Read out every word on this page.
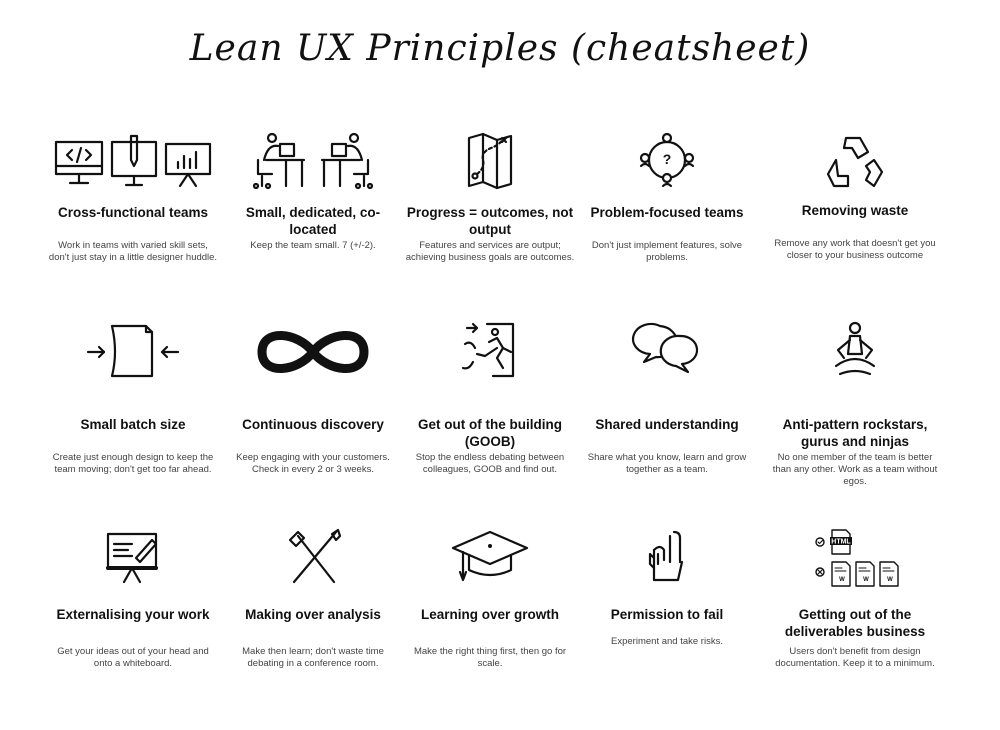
Lean UX Principles (cheatsheet)
Cross-functional teams
Work in teams with varied skill sets, don't just stay in a little designer huddle.
Small, dedicated, co-located
Keep the team small. 7 (+/-2).
Progress = outcomes, not output
Features and services are output; achieving business goals are outcomes.
?
Problem-focused teams
Don't just implement features, solve problems.
Removing waste
Remove any work that doesn't get you closer to your business outcome
Small batch size
Create just enough design to keep the team moving; don't get too far ahead.
Continuous discovery
Keep engaging with your customers. Check in every 2 or 3 weeks.
Get out of the building (GOOB)
Stop the endless debating between colleagues, GOOB and find out.
Shared understanding
Share what you know, learn and grow together as a team.
Anti-pattern rockstars, gurus and ninjas
No one member of the team is better than any other. Work as a team without egos.
Externalising your work
Get your ideas out of your head and onto a whiteboard.
Making over analysis
Make then learn; don't waste time debating in a conference room.
Learning over growth
Make the right thing first, then go for scale.
Permission to fail
Experiment and take risks.
HTML
W	W	W
Getting out of the deliverables business
Users don't benefit from design documentation. Keep it to a minimum.
